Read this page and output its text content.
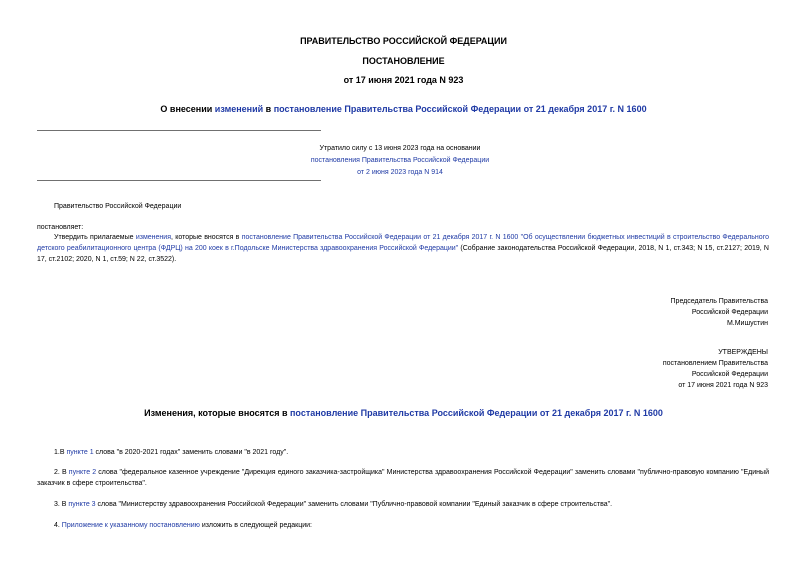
ПРАВИТЕЛЬСТВО РОССИЙСКОЙ ФЕДЕРАЦИИ
ПОСТАНОВЛЕНИЕ
от 17 июня 2021 года N 923
О внесении изменений в постановление Правительства Российской Федерации от 21 декабря 2017 г. N 1600
Утратило силу с 13 июня 2023 года на основании
постановления Правительства Российской Федерации
от 2 июня 2023 года N 914
Правительство Российской Федерации
постановляет:
Утвердить прилагаемые изменения, которые вносятся в постановление Правительства Российской Федерации от 21 декабря 2017 г. N 1600 "Об осуществлении бюджетных инвестиций в строительство Федерального детского реабилитационного центра (ФДРЦ) на 200 коек в г.Подольске Министерства здравоохранения Российской Федерации" (Собрание законодательства Российской Федерации, 2018, N 1, ст.343; N 15, ст.2127; 2019, N 17, ст.2102; 2020, N 1, ст.59; N 22, ст.3522).
Председатель Правительства
Российской Федерации
М.Мишустин
УТВЕРЖДЕНЫ
постановлением Правительства
Российской Федерации
от 17 июня 2021 года N 923
Изменения, которые вносятся в постановление Правительства Российской Федерации от 21 декабря 2017 г. N 1600
1.В пункте 1 слова "в 2020-2021 годах" заменить словами "в 2021 году".
2. В пункте 2 слова "федеральное казенное учреждение "Дирекция единого заказчика-застройщика" Министерства здравоохранения Российской Федерации" заменить словами "публично-правовую компанию "Единый заказчик в сфере строительства".
3. В пункте 3 слова "Министерству здравоохранения Российской Федерации" заменить словами "Публично-правовой компании "Единый заказчик в сфере строительства".
4. Приложение к указанному постановлению изложить в следующей редакции:
